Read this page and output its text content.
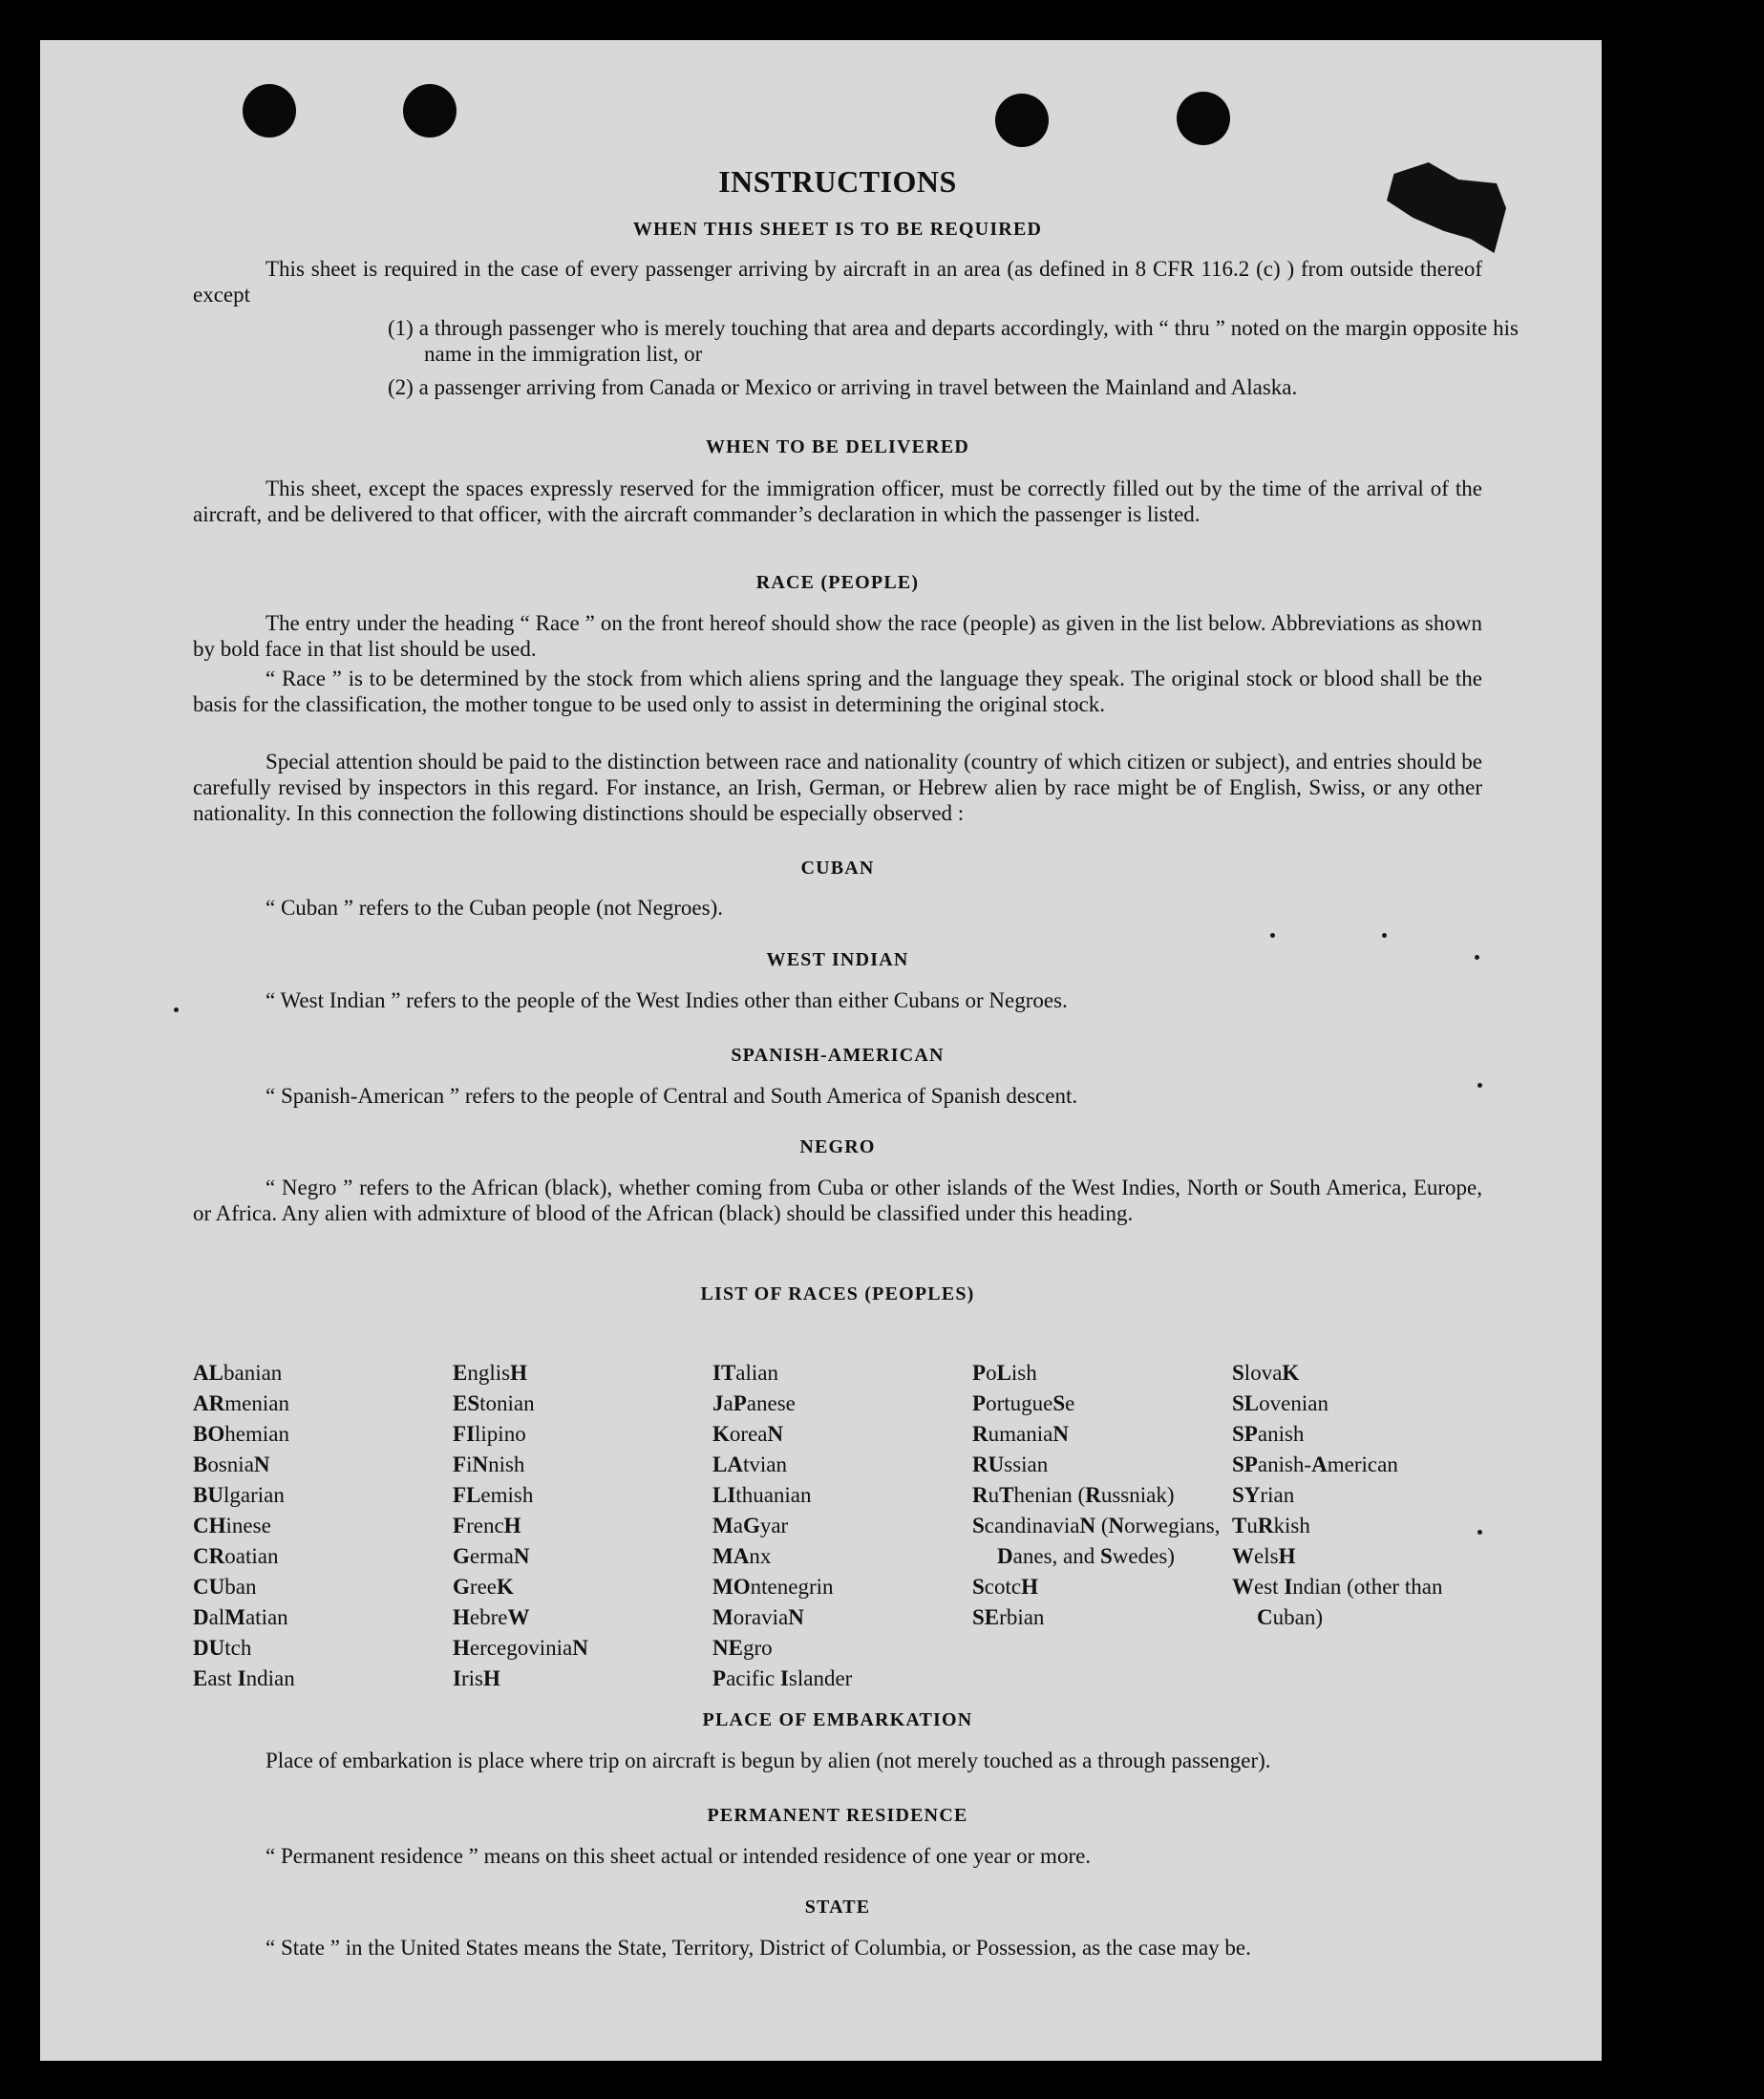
INSTRUCTIONS

WHEN THIS SHEET IS TO BE REQUIRED

This sheet is required in the case of every passenger arriving by aircraft in an area (as defined in 8 CFR 116.2 (c) ) from outside thereof except

(1) a through passenger who is merely touching that area and departs accordingly, with “ thru ” noted on the margin opposite his name in the immigration list, or

(2) a passenger arriving from Canada or Mexico or arriving in travel between the Mainland and Alaska.

WHEN TO BE DELIVERED

This sheet, except the spaces expressly reserved for the immigration officer, must be correctly filled out by the time of the arrival of the aircraft, and be delivered to that officer, with the aircraft commander’s declaration in which the passenger is listed.

RACE (PEOPLE)

The entry under the heading “ Race ” on the front hereof should show the race (people) as given in the list below. Abbreviations as shown by bold face in that list should be used.

“ Race ” is to be determined by the stock from which aliens spring and the language they speak. The original stock or blood shall be the basis for the classification, the mother tongue to be used only to assist in determining the original stock.

Special attention should be paid to the distinction between race and nationality (country of which citizen or subject), and entries should be carefully revised by inspectors in this regard. For instance, an Irish, German, or Hebrew alien by race might be of English, Swiss, or any other nationality. In this connection the following distinctions should be especially observed :

CUBAN

“ Cuban ” refers to the Cuban people (not Negroes).

WEST INDIAN

“ West Indian ” refers to the people of the West Indies other than either Cubans or Negroes.

SPANISH-AMERICAN

“ Spanish-American ” refers to the people of Central and South America of Spanish descent.

NEGRO

“ Negro ” refers to the African (black), whether coming from Cuba or other islands of the West Indies, North or South America, Europe, or Africa. Any alien with admixture of blood of the African (black) should be classified under this heading.

LIST OF RACES (PEOPLES)

ALbanian

ARmenian

BOhemian

BosniaN

BUlgarian

CHinese

CRoatian

CUban

DalMatian

DUtch

East Indian

EnglisH

EStonian

FIlipino

FiNnish

FLemish

FrencH

GermaN

GreeK

HebreW

HercegoviniaN

IrisH

ITalian

JaPanese

KoreaN

LAtvian

LIthuanian

MaGyar

MAnx

MOntenegrin

MoraviaN

NEgro

Pacific Islander

PoLish

PortugueSe

RumaniaN

RUssian

RuThenian (Russniak)

ScandinaviaN (Norwegians, Danes, and Swedes)

ScotcH

SErbian

SlovaK

SLovenian

SPanish

SPanish-American

SYrian

TuRkish

WelsH

West Indian (other than Cuban)

PLACE OF EMBARKATION

Place of embarkation is place where trip on aircraft is begun by alien (not merely touched as a through passenger).

PERMANENT RESIDENCE

“ Permanent residence ” means on this sheet actual or intended residence of one year or more.

STATE

“ State ” in the United States means the State, Territory, District of Columbia, or Possession, as the case may be.
